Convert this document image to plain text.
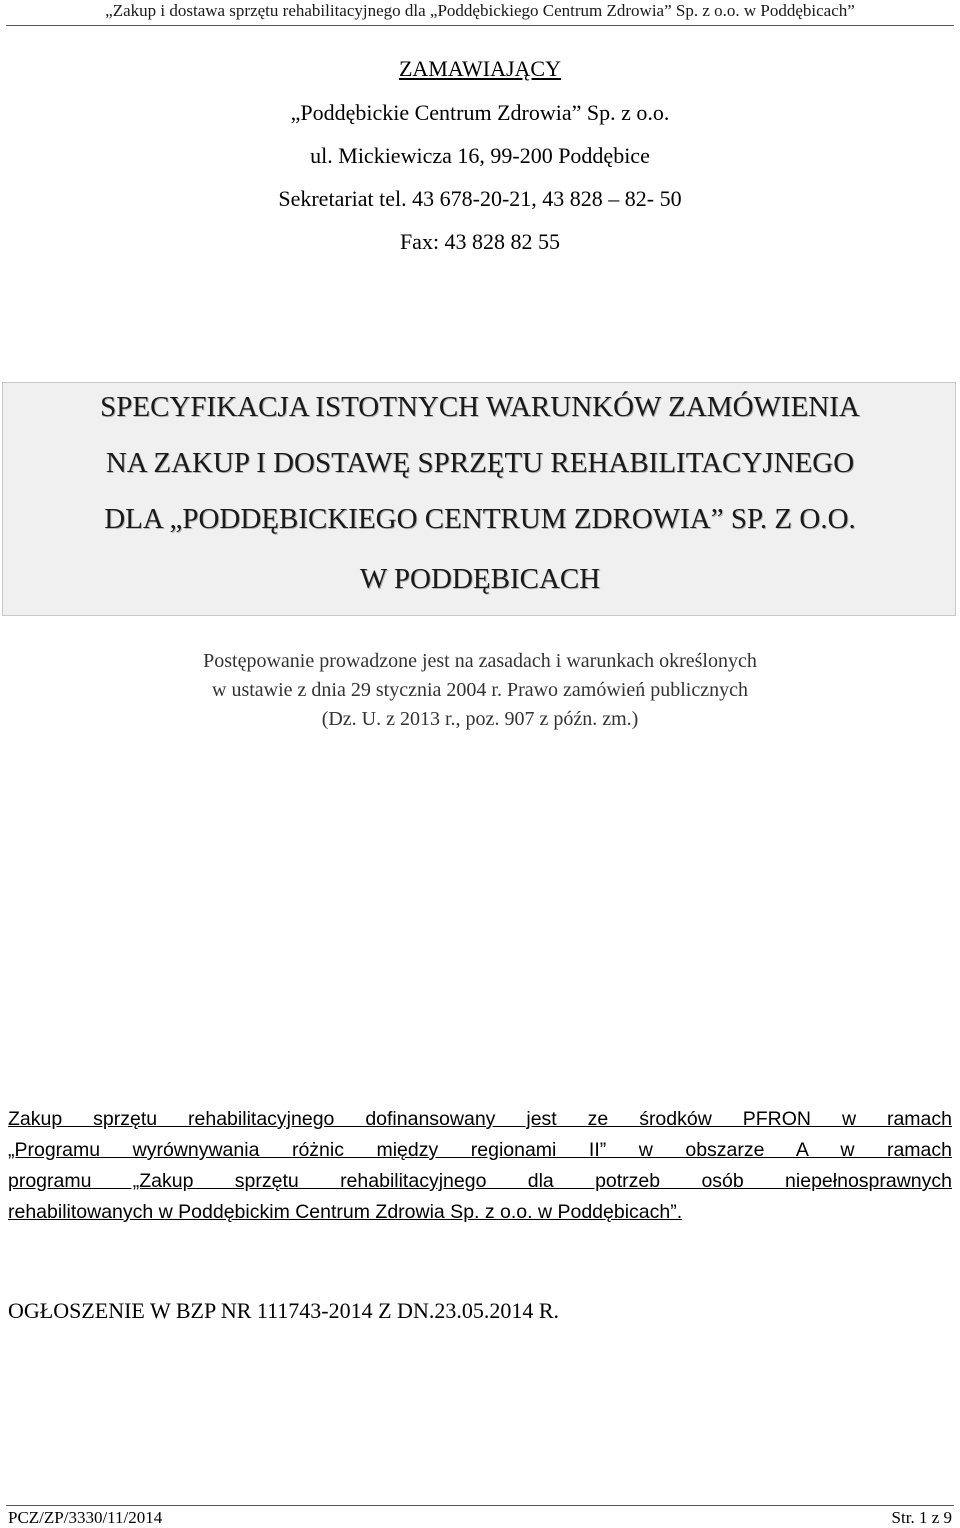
„Zakup i dostawa sprzętu rehabilitacyjnego dla „Poddębickiego Centrum Zdrowia” Sp. z o.o. w Poddębicach”
ZAMAWIAJĄCY
„Poddębickie Centrum Zdrowia” Sp. z o.o.
ul. Mickiewicza 16, 99-200 Poddębice
Sekretariat tel. 43 678-20-21, 43 828 – 82- 50
Fax: 43 828 82 55
SPECYFIKACJA ISTOTNYCH WARUNKÓW ZAMÓWIENIA
NA ZAKUP I DOSTAWĘ SPRZĘTU REHABILITACYJNEGO
DLA „PODDĘBICKIEGO CENTRUM ZDROWIA” SP. Z O.O.
W PODDĘBICACH
Postępowanie prowadzone jest na zasadach i warunkach określonych
w ustawie z dnia 29 stycznia 2004 r. Prawo zamówień publicznych
(Dz. U. z 2013 r., poz. 907 z późn. zm.)
Zakup sprzętu rehabilitacyjnego dofinansowany jest ze środków PFRON w ramach
„Programu wyrównywania różnic między regionami II” w obszarze A w ramach
programu „Zakup sprzętu rehabilitacyjnego dla potrzeb osób niepełnosprawnych
rehabilitowanych w Poddębickim Centrum Zdrowia Sp. z o.o. w Poddębicach”.
OGŁOSZENIE W BZP NR 111743-2014 Z DN.23.05.2014 R.
PCZ/ZP/3330/11/2014	Str. 1 z 9
